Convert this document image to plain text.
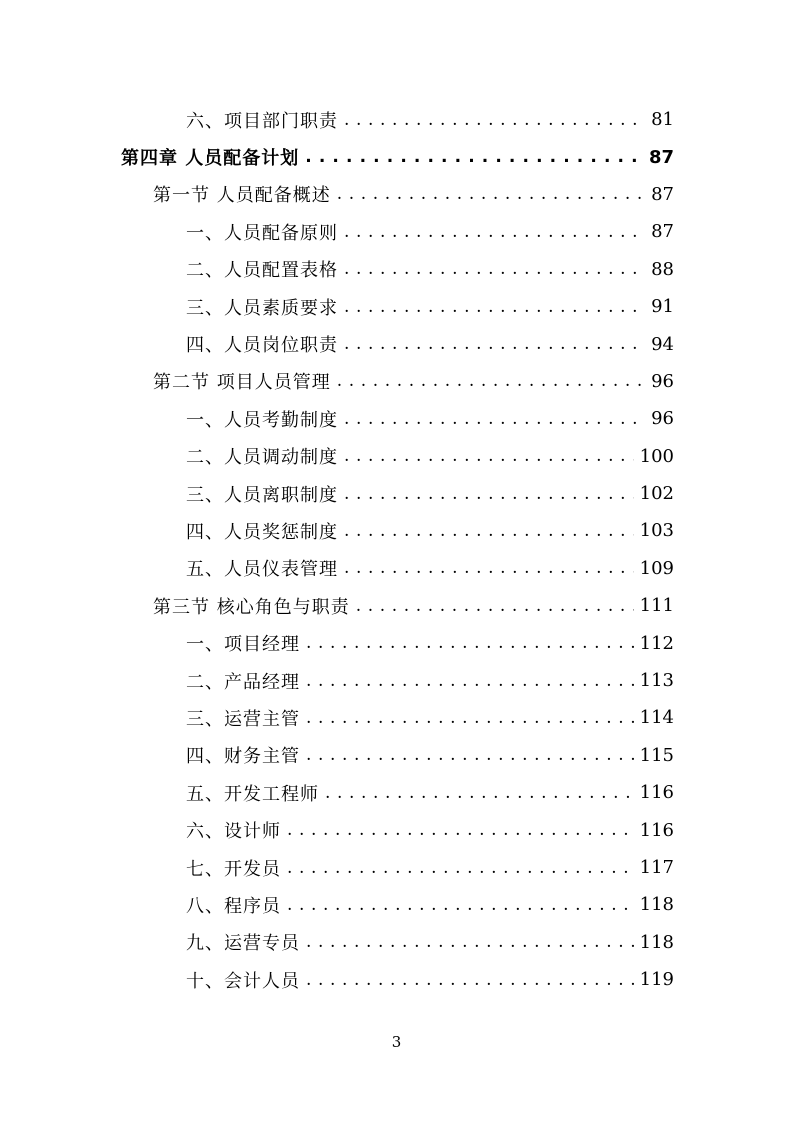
六、项目部门职责 . . .	81
第四章 人员配备计划 . . .	87
第一节 人员配备概述 . . .	87
一、人员配备原则 . . .	87
二、人员配置表格 . . .	88
三、人员素质要求 . . .	91
四、人员岗位职责 . . .	94
第二节 项目人员管理 . . .	96
一、人员考勤制度 . . .	96
二、人员调动制度 . . .	100
三、人员离职制度 . . .	102
四、人员奖惩制度 . . .	103
五、人员仪表管理 . . .	109
第三节 核心角色与职责 . . .	111
一、项目经理 . . .	112
二、产品经理 . . .	113
三、运营主管 . . .	114
四、财务主管 . . .	115
五、开发工程师 . . .	116
六、设计师 . . .	116
七、开发员 . . .	117
八、程序员 . . .	118
九、运营专员 . . .	118
十、会计人员 . . .	119
3
